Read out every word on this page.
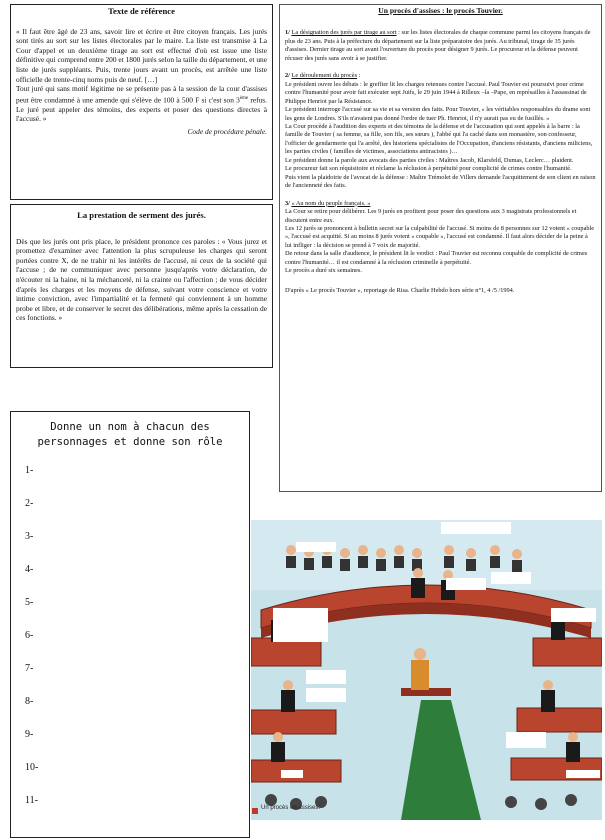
Texte de référence

« Il faut être âgé de 23 ans, savoir lire et écrire et être citoyen français. Les jurés sont tirés au sort sur les listes électorales par le maire. La liste est transmise à La Cour d'appel et un deuxième tirage au sort est effectué d'où est issue une liste définitive qui comprend entre 200 et 1800 jurés selon la taille du département, et une liste de jurés suppléants. Puis, trente jours avant un procès, est arrêtée une liste officielle de trente-cinq noms puis de neuf. […]

Tout juré qui sans motif légitime ne se présente pas à la session de la cour d'assises peut être condamné à une amende qui s'élève de 100 à 500 F si c'est son 3ème refus. Le juré peut appeler des témoins, des experts et poser des questions directes à l'accusé. »

Code de procédure pénale.

La prestation de serment des jurés.

Dès que les jurés ont pris place, le président prononce ces paroles : « Vous jurez et promettez d'examiner avec l'attention la plus scrupuleuse les charges qui seront portées contre X, de ne trahir ni les intérêts de l'accusé, ni ceux de la société qui l'accuse ; de ne communiquer avec personne jusqu'après votre déclaration, de n'écouter ni la haine, ni la méchanceté, ni la crainte ou l'affection ; de vous décider d'après les charges et les moyens de défense, suivant votre conscience et votre intime conviction, avec l'impartialité et la fermeté qui conviennent à un homme probe et libre, et de conserver le secret des délibérations, même après la cessation de ces fonctions. »

Un procès d'assises : le procès Touvier.

1/ La désignation des jurés par tirage au sort : sur les listes électorales de chaque commune parmi les citoyens français de plus de 23 ans. Puis à la préfecture du département sur la liste préparatoire des jurés. Au tribunal, tirage de 35 jurés d'assises. Dernier tirage au sort avant l'ouverture du procès pour désigner 9 jurés. Le procureur et la défense peuvent récuser des jurés sans avoir à se justifier.

2/ Le déroulement du procès :

Le président ouvre les débats : le greffier lit les charges retenues contre l'accusé. Paul Touvier est poursuivi pour crime contre l'humanité pour avoir fait exécuter sept Juifs, le 29 juin 1944 à Rilleux –la –Pape, en représailles à l'assassinat de Philippe Henriot par la Résistance.

Le président interroge l'accusé sur sa vie et sa version des faits. Pour Touvier, « les véritables responsables du drame sont les gens de Londres. S'ils n'avaient pas donné l'ordre de tuer Ph. Henriot, il n'y aurait pas eu de fusillés. »

La Cour procède à l'audition des experts et des témoins de la défense et de l'accusation qui sont appelés à la barre : la famille de Touvier ( sa femme, sa fille, son fils, ses sœurs ), l'abbé qui l'a caché dans son monastère, son confesseur, l'officier de gendarmerie qui l'a arrêté, des historiens spécialistes de l'Occupation, d'anciens résistants, d'anciens miliciens, les parties civiles ( familles de victimes, associations antiracistes )…

Le président donne la parole aux avocats des parties civiles : Maîtres Jacob, Klarsfeld, Dumas, Leclerc… plaident.

Le procureur fait son réquisitoire et réclame la réclusion à perpétuité pour complicité de crimes contre l'humanité.

Puis vient la plaidoirie de l'avocat de la défense : Maître Trémolet de Villers demande l'acquittement de son client en raison de l'ancienneté des faits.

3/ « Au nom du peuple français. »

La Cour se retire pour délibérer. Les 9 jurés en profitent pour poser des questions aux 3 magistrats professionnels et discutent entre eux.

Les 12 jurés se prononcent à bulletin secret sur la culpabilité de l'accusé. Si moins de 8 personnes sur 12 votent « coupable », l'accusé est acquitté. Si au moins 8 jurés votent « coupable », l'accusé est condamné. Il faut alors décider de la peine à lui infliger : la décision se prend à 7 voix de majorité.

De retour dans la salle d'audience, le président lit le verdict : Paul Touvier est reconnu coupable de complicité de crimes contre l'humanité… il est condamné à la réclusion criminelle à perpétuité.

Le procès a duré six semaines.

D'après « Le procès Touvier », reportage de Risa. Charlie Hebdo hors série n°1, 4 /5 /1994.

Donne un nom à chacun des personnages et donne son rôle
1-
2-
3-
4-
5-
6-
7-
8-
9-
10-
11-
Un procès en assises.
